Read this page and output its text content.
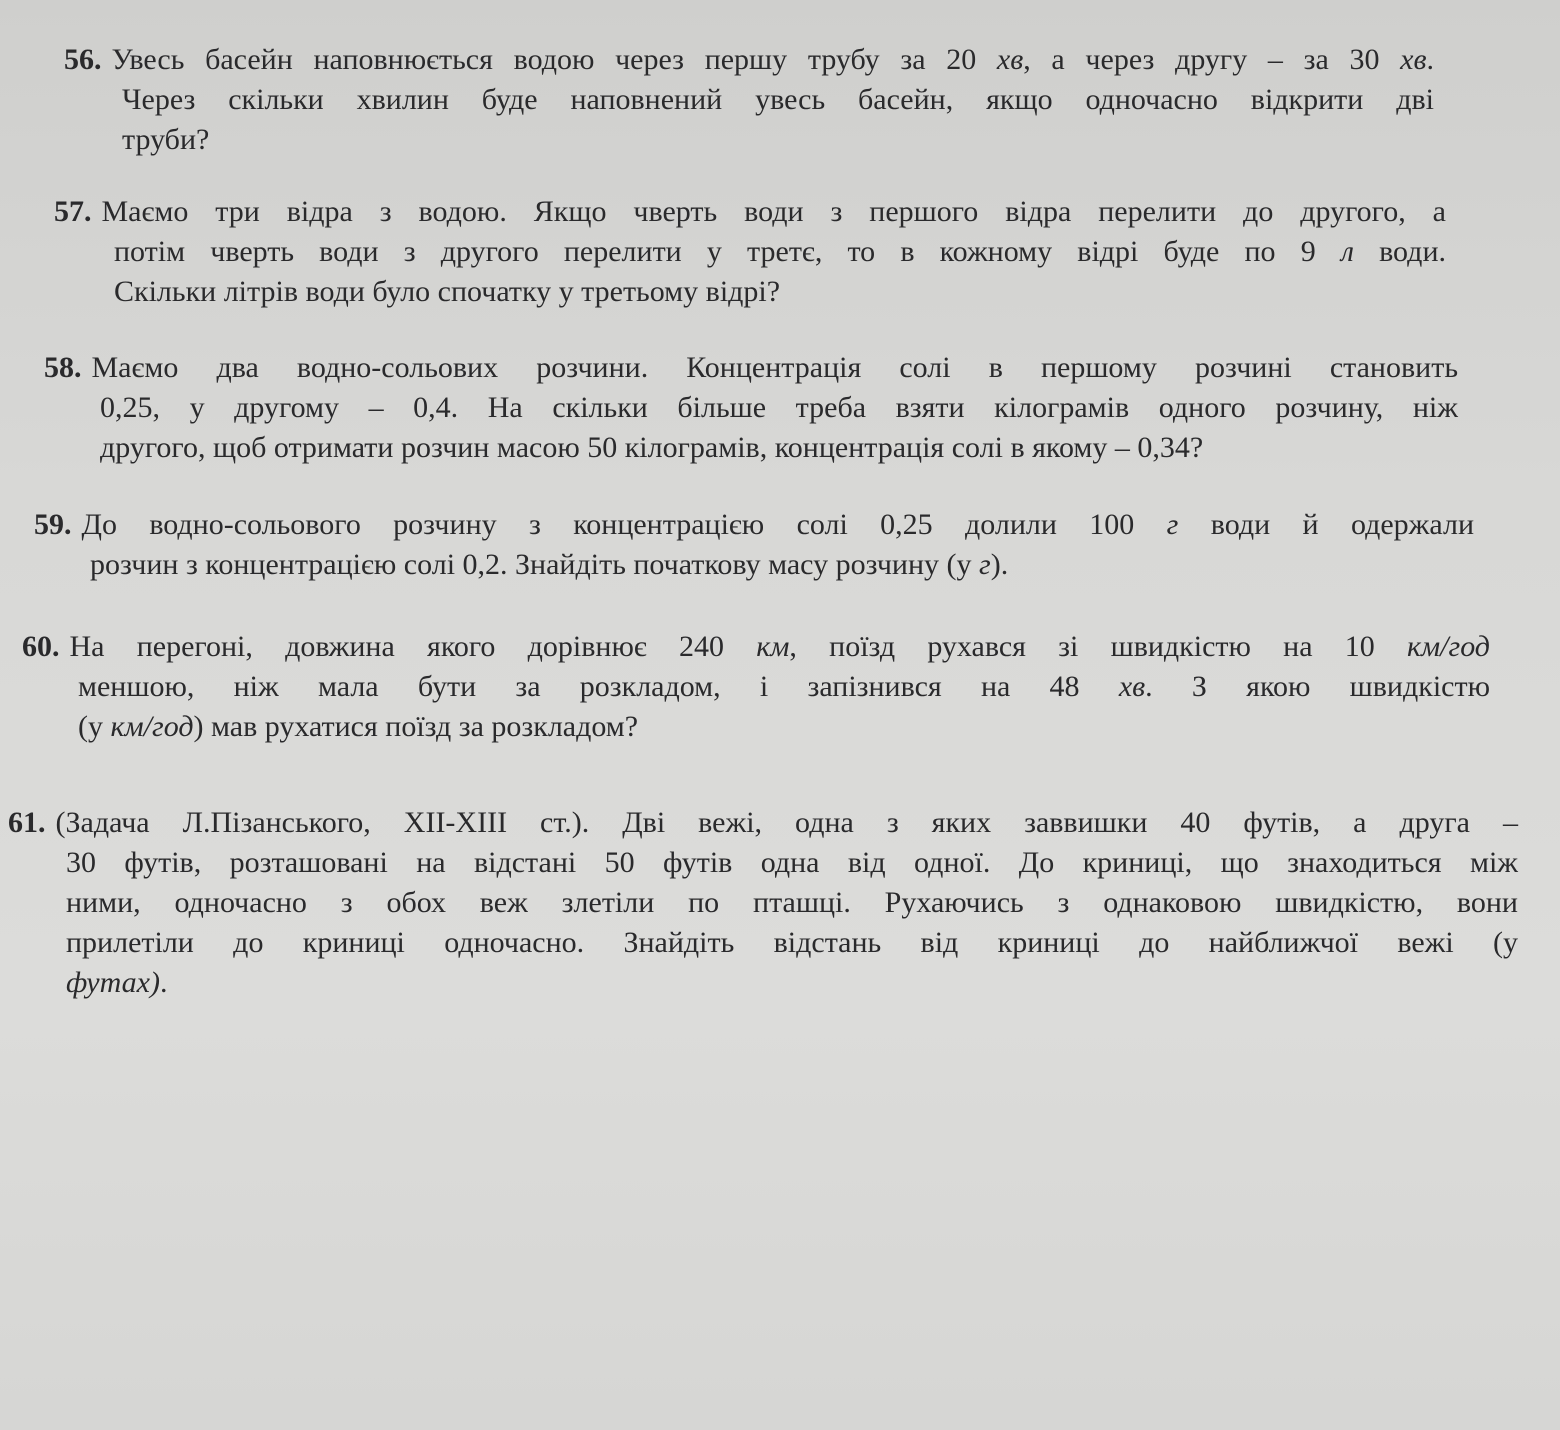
56. Увесь басейн наповнюється водою через першу трубу за 20 хв, а через другу – за 30 хв.
Через скільки хвилин буде наповнений увесь басейн, якщо одночасно відкрити дві
труби?
57. Маємо три відра з водою. Якщо чверть води з першого відра перелити до другого, а
потім чверть води з другого перелити у третє, то в кожному відрі буде по 9 л води.
Скільки літрів води було спочатку у третьому відрі?
58. Маємо два водно-сольових розчини. Концентрація солі в першому розчині становить
0,25, у другому – 0,4. На скільки більше треба взяти кілограмів одного розчину, ніж
другого, щоб отримати розчин масою 50 кілограмів, концентрація солі в якому – 0,34?
59. До водно-сольового розчину з концентрацією солі 0,25 долили 100 г води й одержали
розчин з концентрацією солі 0,2. Знайдіть початкову масу розчину (у г).
60. На перегоні, довжина якого дорівнює 240 км, поїзд рухався зі швидкістю на 10 км/год
меншою, ніж мала бути за розкладом, і запізнився на 48 хв. З якою швидкістю
(у км/год) мав рухатися поїзд за розкладом?
61. (Задача Л.Пізанського, XII-XIII ст.). Дві вежі, одна з яких заввишки 40 футів, а друга –
30 футів, розташовані на відстані 50 футів одна від одної. До криниці, що знаходиться між
ними, одночасно з обох веж злетіли по пташці. Рухаючись з однаковою швидкістю, вони
прилетіли до криниці одночасно. Знайдіть відстань від криниці до найближчої вежі (у
футах).
